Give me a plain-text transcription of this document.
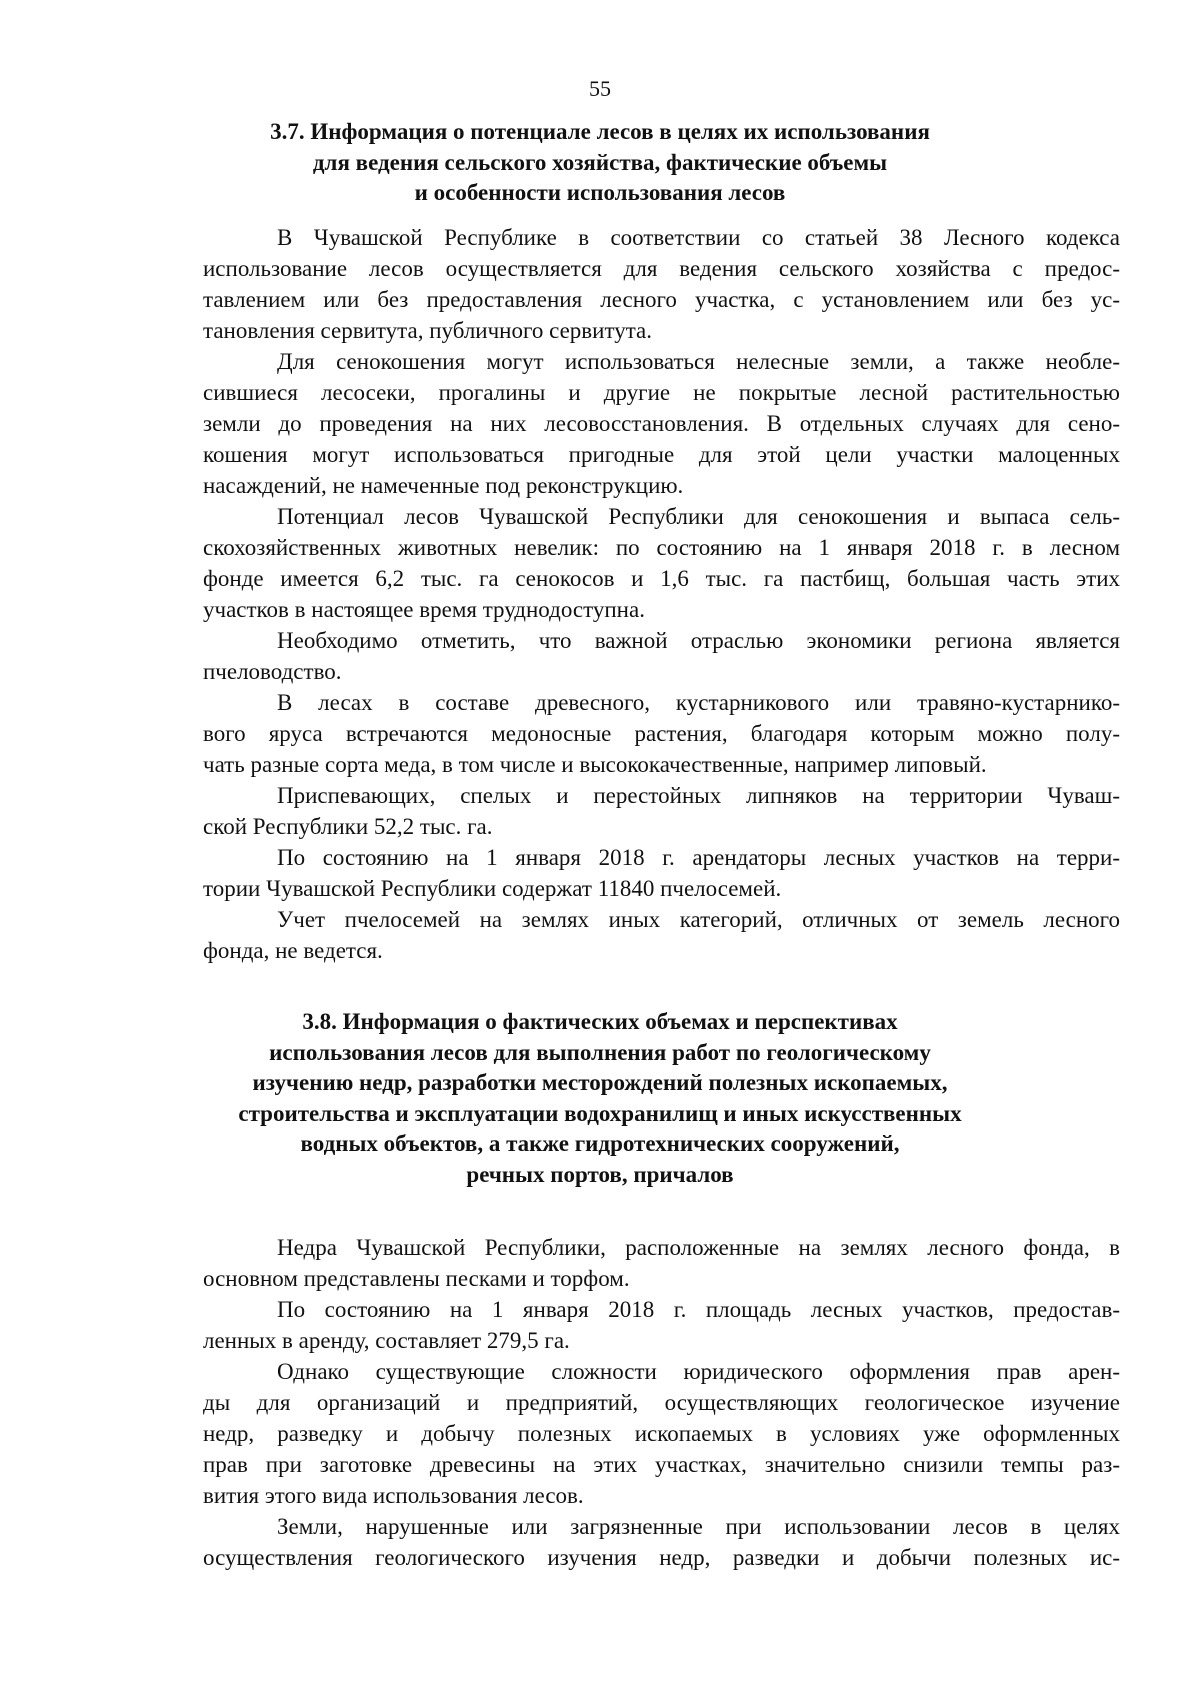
55
3.7. Информация о потенциале лесов в целях их использования
для ведения сельского хозяйства, фактические объемы
и особенности использования лесов
В Чувашской Республике в соответствии со статьей 38 Лесного кодекса
использование лесов осуществляется для ведения сельского хозяйства с предос-
тавлением или без предоставления лесного участка, с установлением или без ус-
тановления сервитута, публичного сервитута.
Для сенокошения могут использоваться нелесные земли, а также необле-
сившиеся лесосеки, прогалины и другие не покрытые лесной растительностью
земли до проведения на них лесовосстановления. В отдельных случаях для сено-
кошения могут использоваться пригодные для этой цели участки малоценных
насаждений, не намеченные под реконструкцию.
Потенциал лесов Чувашской Республики для сенокошения и выпаса сель-
скохозяйственных животных невелик: по состоянию на 1 января 2018 г. в лесном
фонде имеется 6,2 тыс. га сенокосов и 1,6 тыс. га пастбищ, большая часть этих
участков в настоящее время труднодоступна.
Необходимо отметить, что важной отраслью экономики региона является
пчеловодство.
В лесах в составе древесного, кустарникового или травяно-кустарнико-
вого яруса встречаются медоносные растения, благодаря которым можно полу-
чать разные сорта меда, в том числе и высококачественные, например липовый.
Приспевающих, спелых и перестойных липняков на территории Чуваш-
ской Республики 52,2 тыс. га.
По состоянию на 1 января 2018 г. арендаторы лесных участков на терри-
тории Чувашской Республики содержат 11840 пчелосемей.
Учет пчелосемей на землях иных категорий, отличных от земель лесного
фонда, не ведется.
3.8. Информация о фактических объемах и перспективах
использования лесов для выполнения работ по геологическому
изучению недр, разработки месторождений полезных ископаемых,
строительства и эксплуатации водохранилищ и иных искусственных
водных объектов, а также гидротехнических сооружений,
речных портов, причалов
Недра Чувашской Республики, расположенные на землях лесного фонда, в
основном представлены песками и торфом.
По состоянию на 1 января 2018 г. площадь лесных участков, предостав-
ленных в аренду, составляет 279,5 га.
Однако существующие сложности юридического оформления прав арен-
ды для организаций и предприятий, осуществляющих геологическое изучение
недр, разведку и добычу полезных ископаемых в условиях уже оформленных
прав при заготовке древесины на этих участках, значительно снизили темпы раз-
вития этого вида использования лесов.
Земли, нарушенные или загрязненные при использовании лесов в целях
осуществления геологического изучения недр, разведки и добычи полезных ис-
